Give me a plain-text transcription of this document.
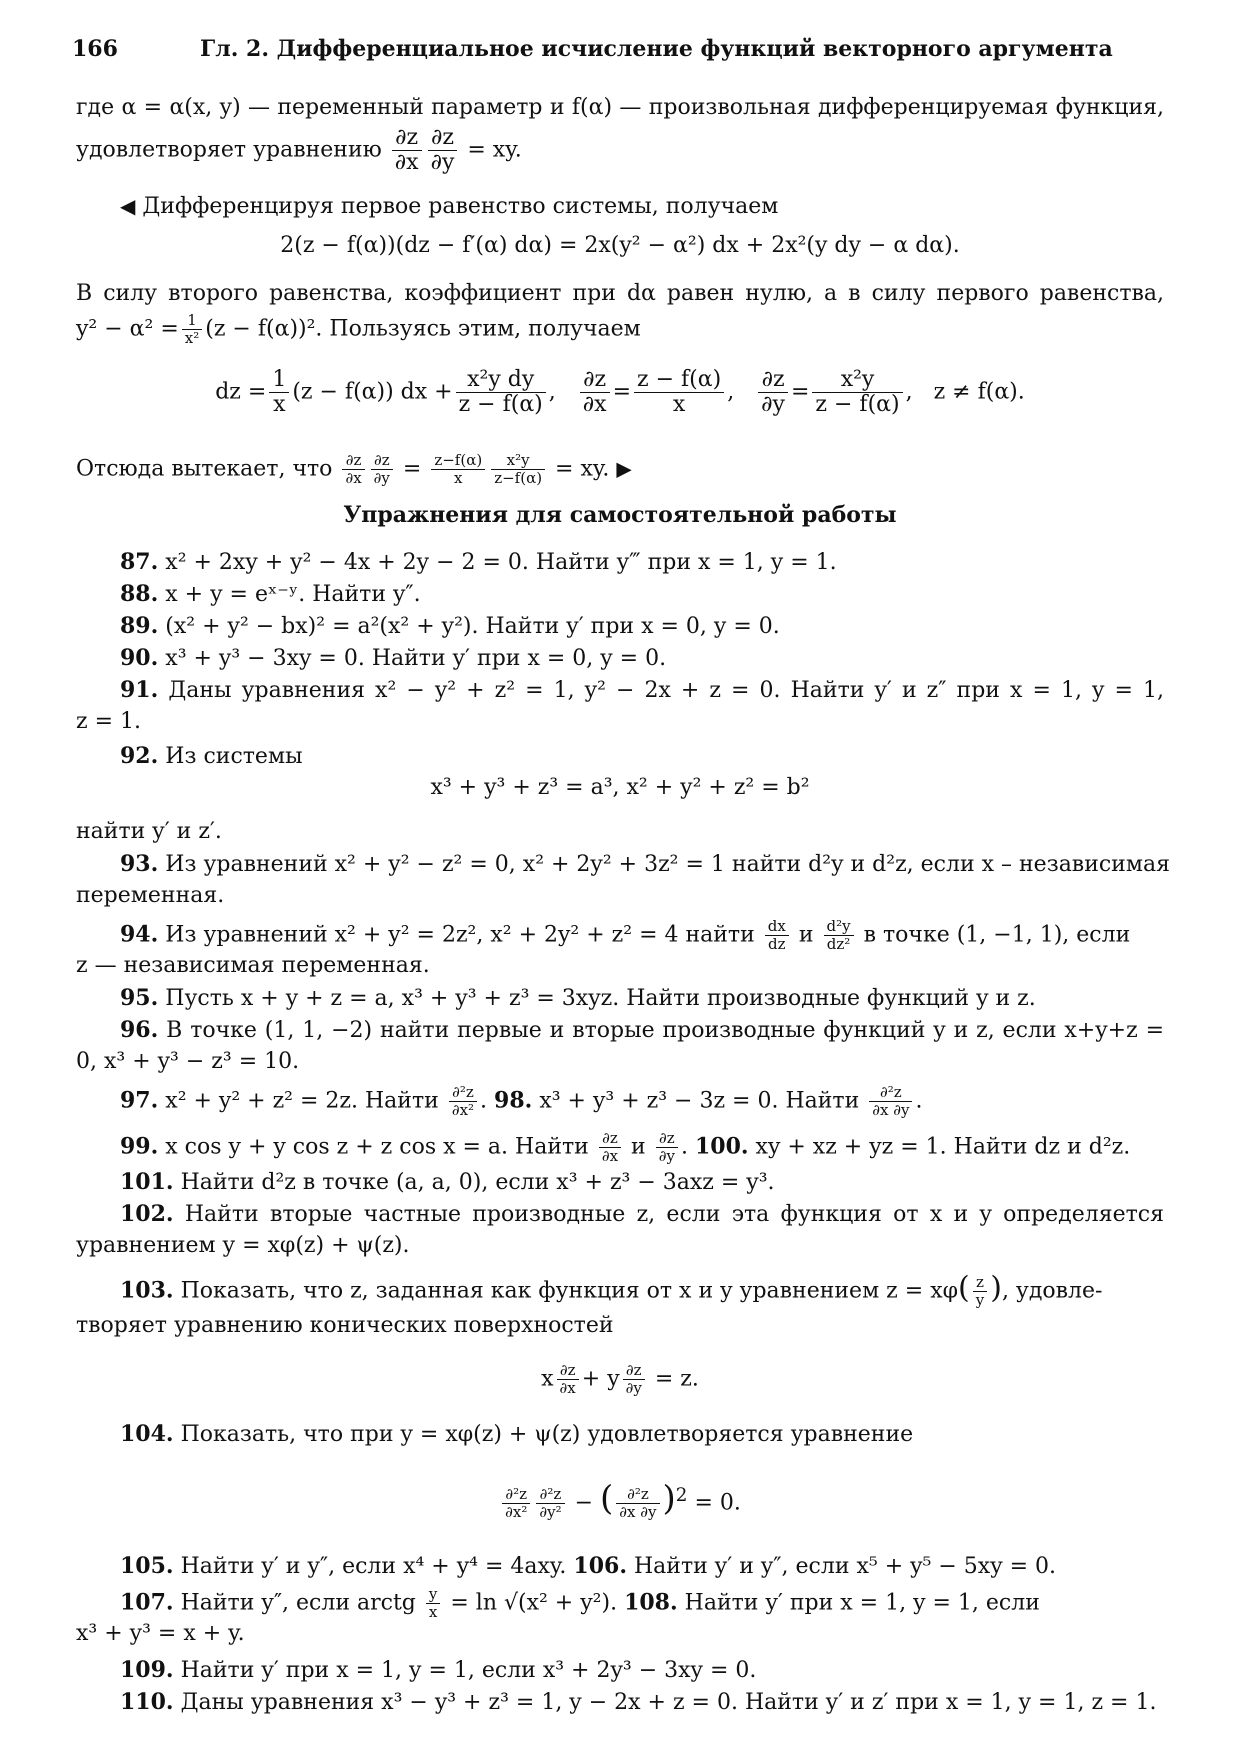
166	Гл. 2. Дифференциальное исчисление функций векторного аргумента
где α = α(x, y) — переменный параметр и f(α) — произвольная дифференцируемая функция,
удовлетворяет уравнению $\frac{\partial z}{\partial x} \frac{\partial z}{\partial y}$ = xy.
◀ Дифференцируя первое равенство системы, получаем
2(z − f(α))(dz − f′(α) dα) = 2x(y² − α²) dx + 2x²(y dy − α dα).
В силу второго равенства, коэффициент при dα равен нулю, а в силу первого равенства,
$y^2 - \alpha^2 = \frac{1}{\text{x²}} (z - f(\alpha))^2$. Пользуясь этим, получаем
dz = $\frac{1}{x} (z - f(\alpha))$ dx + $\frac{\text{x²y dy}}{z - f(\alpha)}$ , $\frac{\partial z}{\partial x} = \frac{z - f(\alpha)}{x}$ , $\frac{\partial z}{\partial y} = \frac{\text{x²y}}{z - f(\alpha)}$ , z ≠ f(α).
Отсюда вытекает, что $\frac{\partial z}{\partial x} \frac{\partial z}{\partial y} = \frac{z-f(\alpha)}{x} \frac{\text{x²y}}{z-f(\alpha)}$ = xy. ▶
Упражнения для самостоятельной работы
87. x² + 2xy + y² − 4x + 2y − 2 = 0. Найти y‴ при x = 1, y = 1.
88. x + y = eˣ⁻ʸ. Найти y″.
89. (x² + y² − bx)² = a²(x² + y²). Найти y′ при x = 0, y = 0.
90. x³ + y³ − 3xy = 0. Найти y′ при x = 0, y = 0.
91. Даны уравнения x² − y² + z² = 1, y² − 2x + z = 0. Найти y′ и z″ при x = 1, y = 1,
z = 1.
92. Из системы
x³ + y³ + z³ = a³, x² + y² + z² = b²
найти y′ и z′.
93. Из уравнений x² + y² − z² = 0, x² + 2y² + 3z² = 1 найти d²y и d²z, если x – независимая
переменная.
94. Из уравнений x² + y² = 2z², x² + 2y² + z² = 4 найти $\frac{dx}{dz}$ и $\frac{\text{d²y}}{\text{dz²}}$ в точке (1, −1, 1), если
z — независимая переменная.
95. Пусть x + y + z = a, x³ + y³ + z³ = 3xyz. Найти производные функций y и z.
96. В точке (1, 1, −2) найти первые и вторые производные функций y и z, если x+y+z =
0, x³ + y³ − z³ = 10.
97. x² + y² + z² = 2z. Найти $\frac{\text{∂²z}}{\text{∂x²}}$ . 98. x³ + y³ + z³ − 3z = 0. Найти $\frac{\text{∂²z}}{\partial x \partial y}$ .
99. x cos y + y cos z + z cos x = a. Найти $\frac{\partial z}{\partial x}$ и $\frac{\partial z}{\partial y}$ . 100. xy + xz + yz = 1. Найти dz и d²z.
101. Найти d²z в точке (a, a, 0), если x³ + z³ − 3axz = y³.
102. Найти вторые частные производные z, если эта функция от x и y определяется
уравнением y = xφ(z) + ψ(z).
103. Показать, что z, заданная как функция от x и y уравнением $z = x\varphi( \frac{z}{y}$ ), удовле-
творяет уравнению конических поверхностей
x $\frac{\partial z}{\partial x} + y \frac{\partial z}{\partial y} = z$.
104. Показать, что при y = xφ(z) + ψ(z) удовлетворяется уравнение
$\frac{\text{∂²z}}{\text{∂x²}} \frac{\text{∂²z}}{\text{∂y²}}$ − ( $\frac{\text{∂²z}}{\partial x \partial y} )^2 = 0$.
105. Найти y′ и y″, если x⁴ + y⁴ = 4axy. 106. Найти y′ и y″, если x⁵ + y⁵ − 5xy = 0.
107. Найти y″, если arctg $\frac{y}{x} = \ln √(x^2 + y^2)$. 108. Найти y′ при x = 1, y = 1, если
x³ + y³ = x + y.
109. Найти y′ при x = 1, y = 1, если x³ + 2y³ − 3xy = 0.
110. Даны уравнения x³ − y³ + z³ = 1, y − 2x + z = 0. Найти y′ и z′ при x = 1, y = 1, z = 1.
